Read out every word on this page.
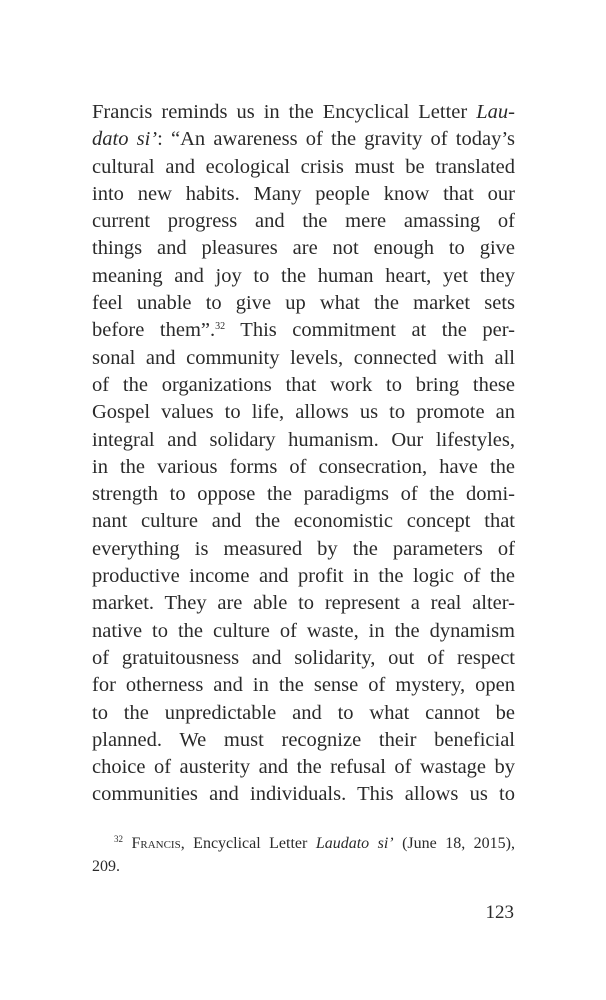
Francis reminds us in the Encyclical Letter Lau-
dato si’: “An awareness of the gravity of today’s
cultural and ecological crisis must be translated
into new habits. Many people know that our
current progress and the mere amassing of
things and pleasures are not enough to give
meaning and joy to the human heart, yet they
feel unable to give up what the market sets
before them”.$^{32}$ This commitment at the per-
sonal and community levels, connected with all
of the organizations that work to bring these
Gospel values to life, allows us to promote an
integral and solidary humanism. Our lifestyles,
in the various forms of consecration, have the
strength to oppose the paradigms of the domi-
nant culture and the economistic concept that
everything is measured by the parameters of
productive income and profit in the logic of the
market. They are able to represent a real alter-
native to the culture of waste, in the dynamism
of gratuitousness and solidarity, out of respect
for otherness and in the sense of mystery, open
to the unpredictable and to what cannot be
planned. We must recognize their beneficial
choice of austerity and the refusal of wastage by
communities and individuals. This allows us to
$^{32}$ Francis, Encyclical Letter Laudato si’ (June 18, 2015),
209.
123
